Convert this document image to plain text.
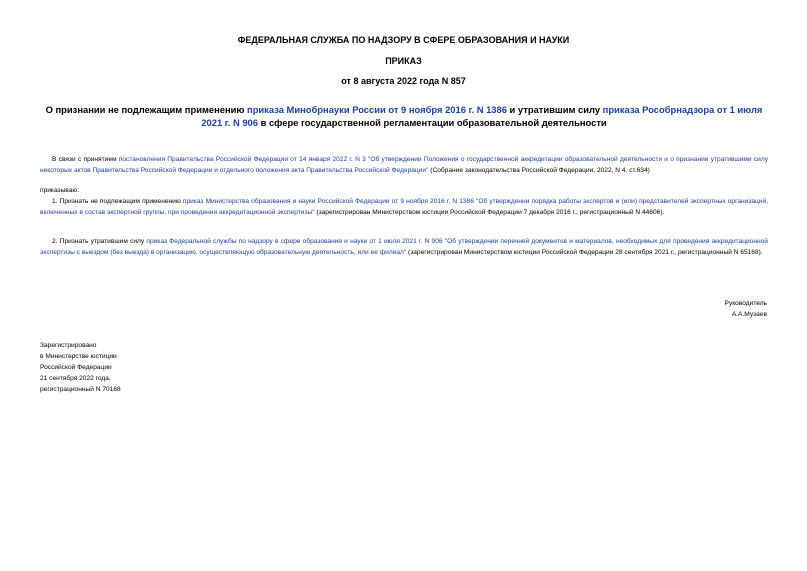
ФЕДЕРАЛЬНАЯ СЛУЖБА ПО НАДЗОРУ В СФЕРЕ ОБРАЗОВАНИЯ И НАУКИ
ПРИКАЗ
от 8 августа 2022 года N 857
О признании не подлежащим применению приказа Минобрнауки России от 9 ноября 2016 г. N 1386 и утратившим силу приказа Рособрнадзора от 1 июля 2021 г. N 906 в сфере государственной регламентации образовательной деятельности
В связи с принятием постановления Правительства Российской Федерации от 14 января 2022 г. N 3 "Об утверждении Положения о государственной аккредитации образовательной деятельности и о признании утратившими силу некоторых актов Правительства Российской Федерации и отдельного положения акта Правительства Российской Федерации" (Собрание законодательства Российской Федерации, 2022, N 4, ст.634)
приказываю:
1. Признать не подлежащим применению приказ Министерства образования и науки Российской Федерации от 9 ноября 2016 г. N 1386 "Об утверждении порядка работы экспертов и (или) представителей экспертных организаций, включенных в состав экспертной группы, при проведении аккредитационной экспертизы" (зарегистрирован Министерством юстиции Российской Федерации 7 декабря 2016 г., регистрационный N 44606).
2. Признать утратившим силу приказ Федеральной службы по надзору в сфере образования и науки от 1 июля 2021 г. N 906 "Об утверждении перечней документов и материалов, необходимых для проведения аккредитационной экспертизы с выездом (без выезда) в организацию, осуществляющую образовательную деятельность, или ее филиал" (зарегистрирован Министерством юстиции Российской Федерации 28 сентября 2021 г., регистрационный N 65168).
Руководитель
А.А.Музаев
Зарегистрировано
в Министерстве юстиции
Российской Федерации
21 сентября 2022 года,
регистрационный N 70168
